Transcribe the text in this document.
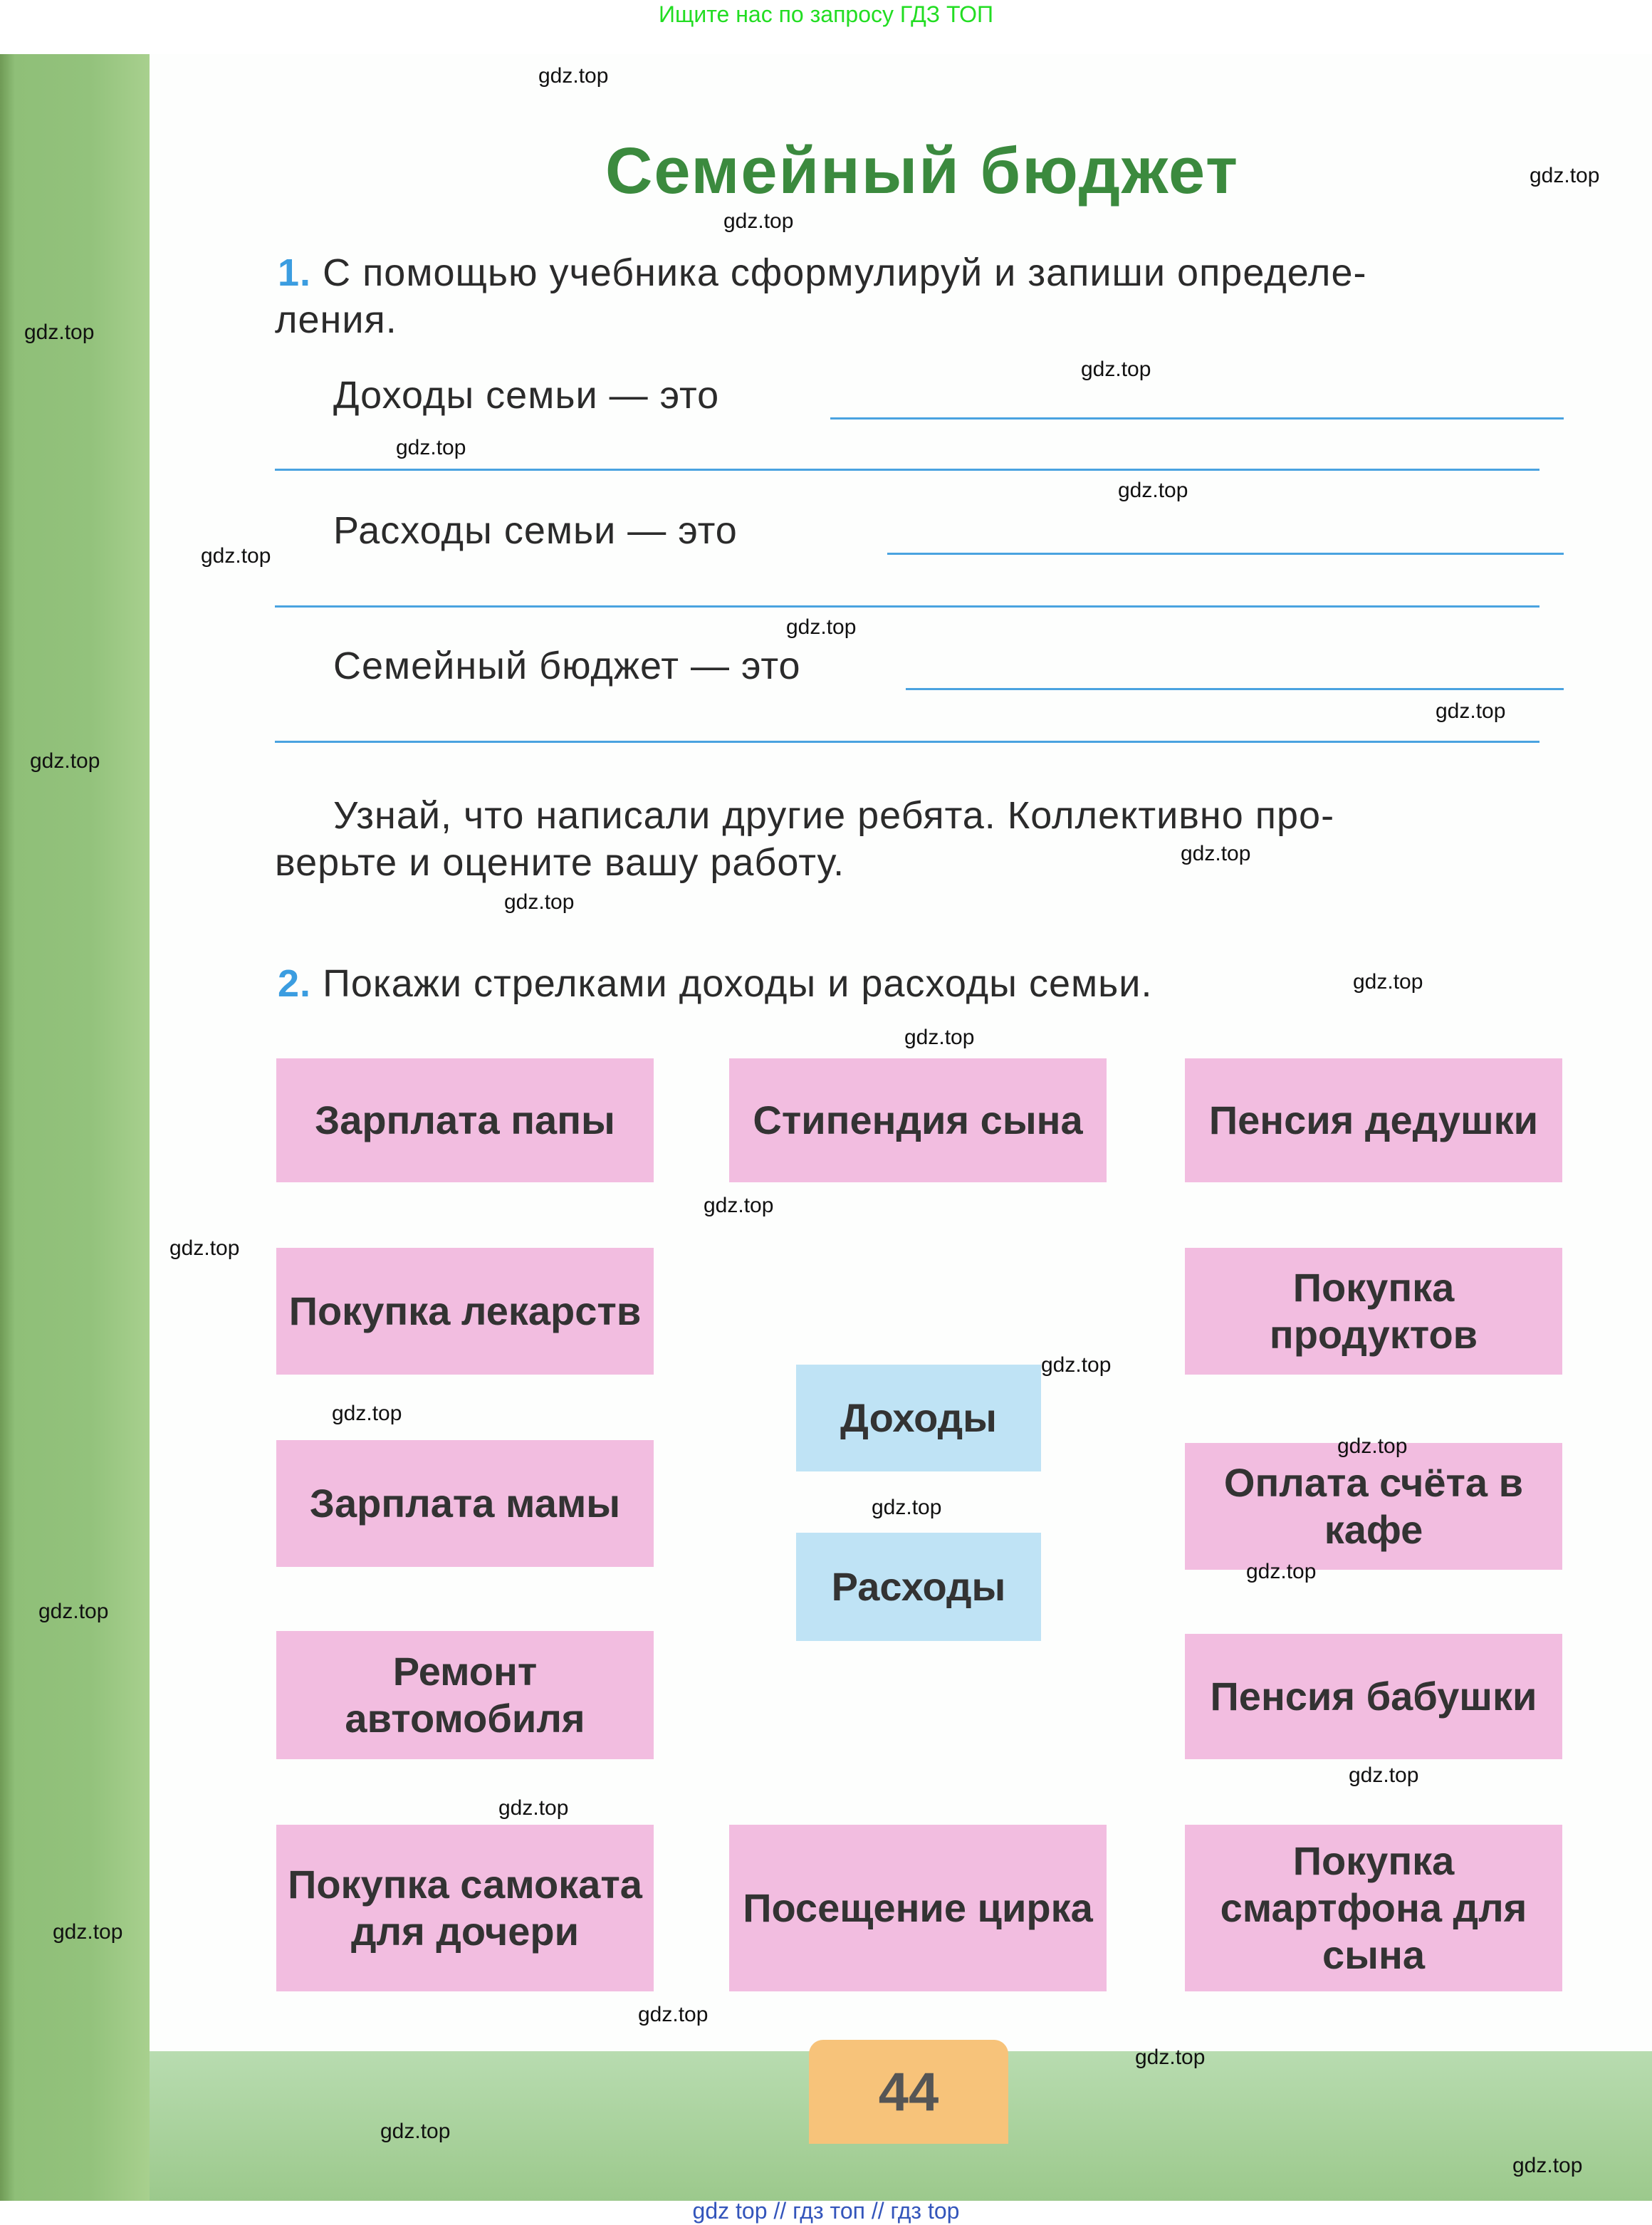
Ищите нас по запросу ГДЗ ТОП
Семейный бюджет
1. С помощью учебника сформулируй и запиши определе-
ления.
Доходы семьи — это
Расходы семьи — это
Семейный бюджет — это
Узнай, что написали другие ребята. Коллективно про-
верьте и оцените вашу работу.
2. Покажи стрелками доходы и расходы семьи.
Зарплата папы	Стипендия сына	Пенсия дедушки
Покупка лекарств
Покупка продуктов
Доходы
Зарплата мамы	Оплата счёта в кафе
Расходы
Ремонт автомобиля	Пенсия бабушки
Покупка самоката для дочери
Посещение цирка
Покупка смартфона для сына
44
gdz.top
gdz.top
gdz.top
gdz.top
gdz.top
gdz.top
gdz.top
gdz.top
gdz.top
gdz.top
gdz.top
gdz.top
gdz.top
gdz.top
gdz.top
gdz.top
gdz.top
gdz.top
gdz.top
gdz.top
gdz.top
gdz.top
gdz.top
gdz.top
gdz.top
gdz.top
gdz.top
gdz.top
gdz.top
gdz.top
gdz top // гдз топ // гдз top
